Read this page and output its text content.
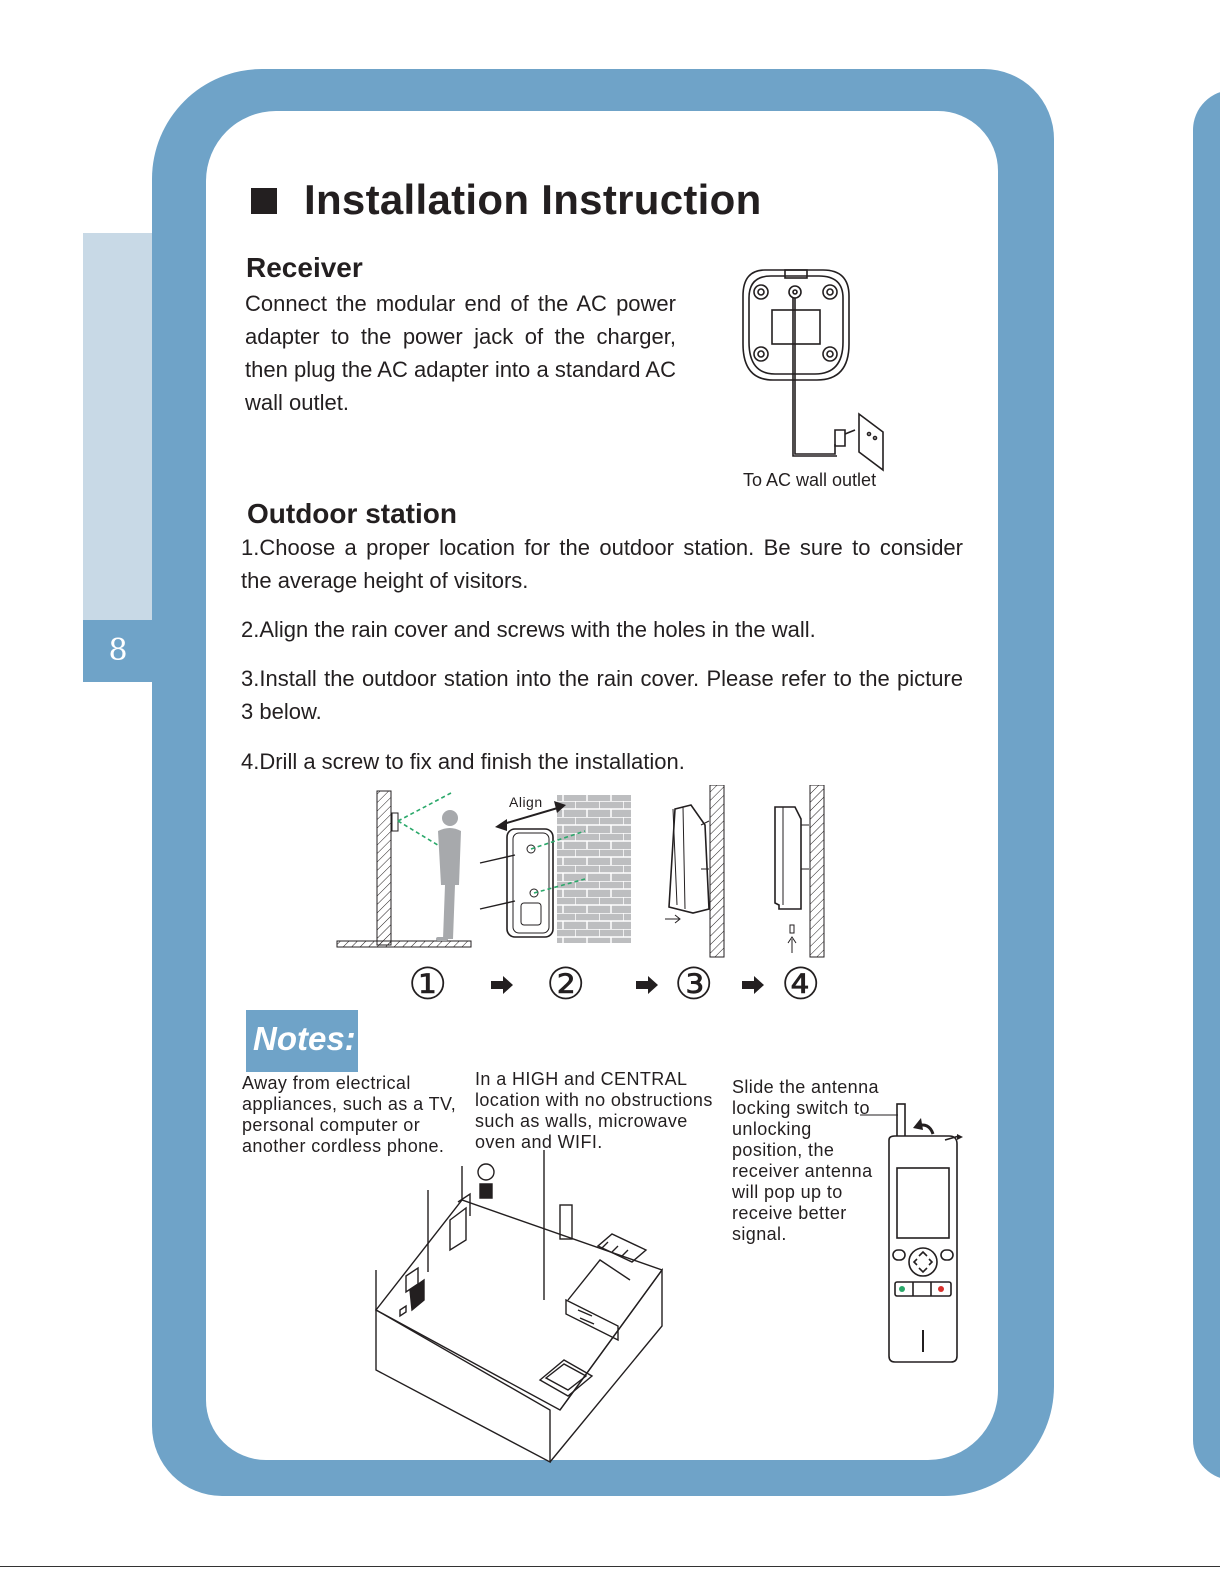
8
Installation Instruction
Receiver
Connect the modular end of the AC power adapter to the power jack of the charger, then plug the AC adapter into a standard AC wall outlet.
To AC wall outlet
Outdoor station
1.Choose a proper location for the outdoor station. Be sure to consider the average height of visitors.
2.Align the rain cover and screws with the holes in the wall.
3.Install the outdoor station into the rain cover. Please refer to the picture 3 below.
4.Drill a screw to fix and finish the installation.
Align
① ② ③ ④
Notes:
Away from electrical appliances, such as a TV, personal computer or another cordless phone.
In a HIGH and CENTRAL location with no obstructions such as walls, microwave oven and WIFI.
Slide the antenna locking switch to unlocking position, the receiver antenna will pop up to receive better signal.
